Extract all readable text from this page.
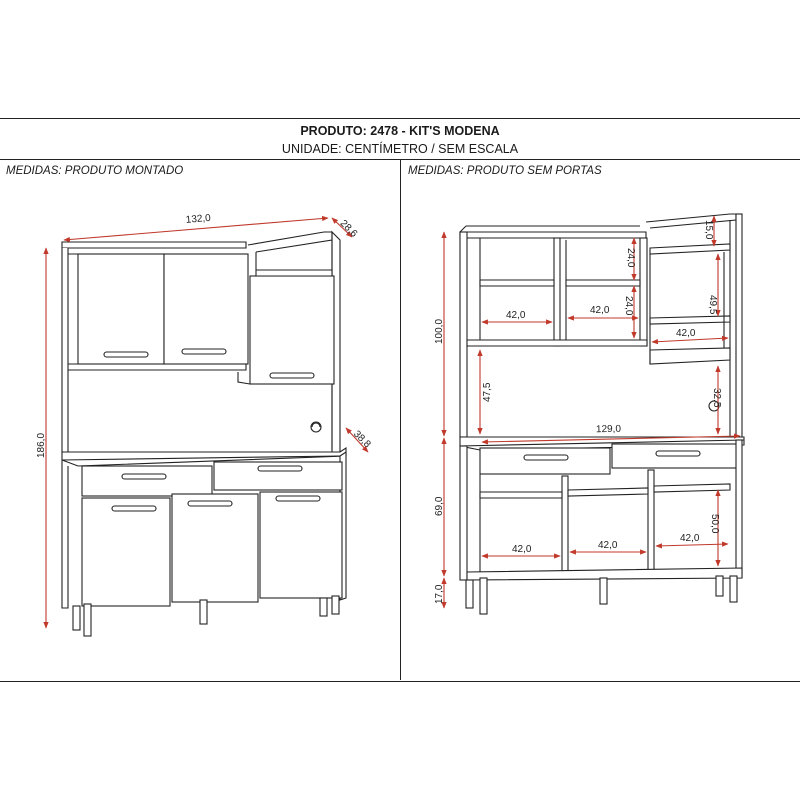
PRODUTO: 2478 - KIT'S MODENA
UNIDADE: CENTÍMETRO / SEM ESCALA
MEDIDAS: PRODUTO MONTADO	MEDIDAS: PRODUTO SEM PORTAS
132,0	28,6
186,0	38,8
100,0
15,0
24,0
24,0	49,5
42,0	42,0
42,0
47,5	32,5
129,0
69,0
50,0
42,0	42,0
42,0
17,0
